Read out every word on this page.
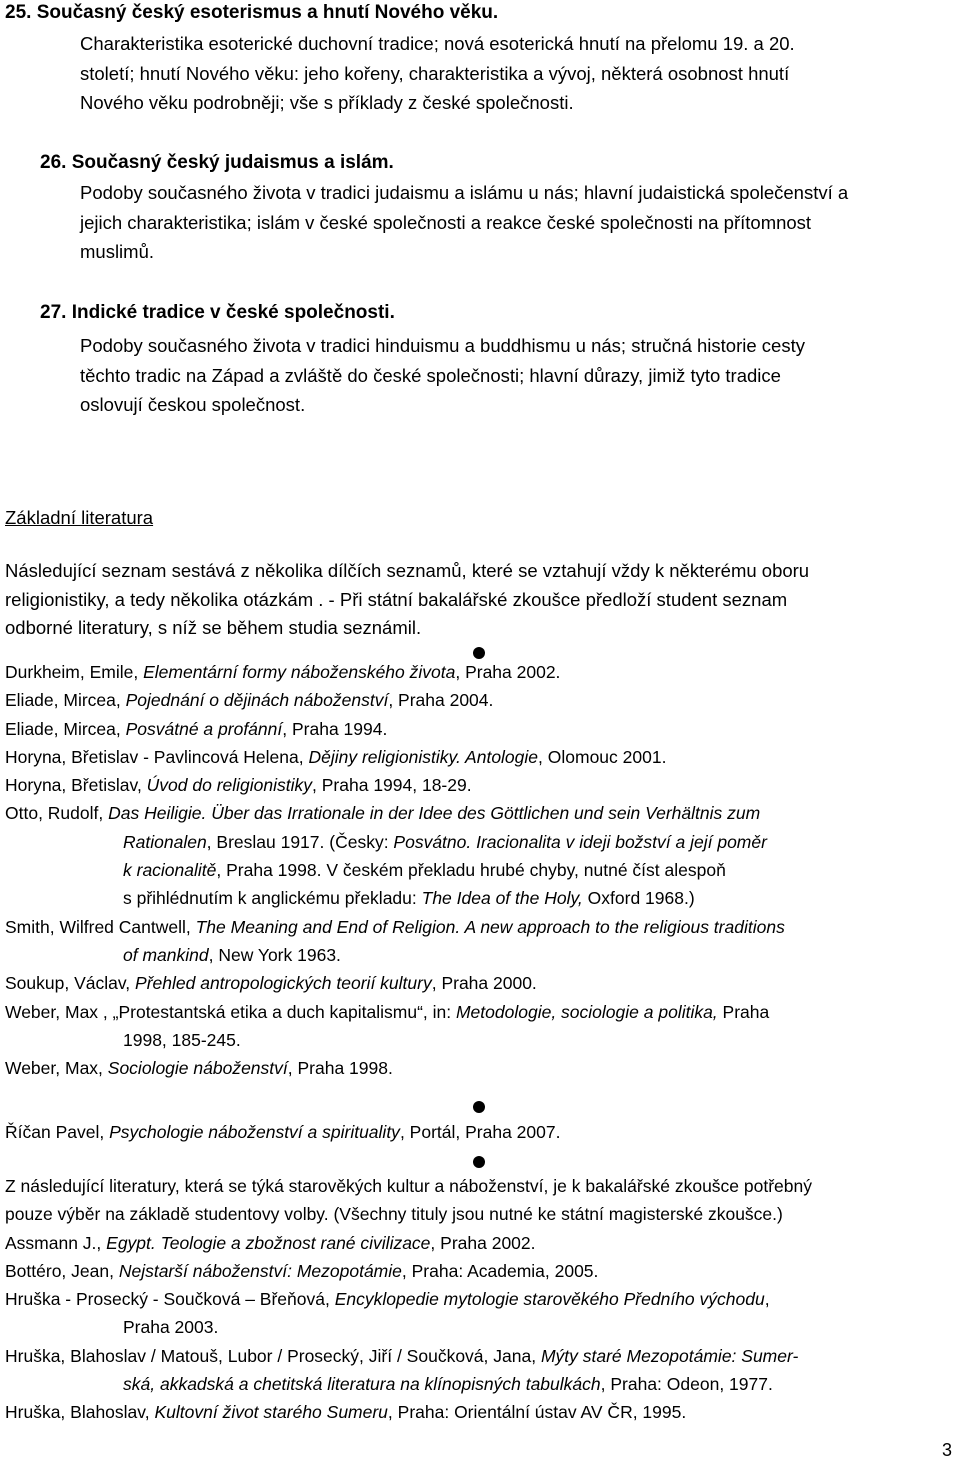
25. Současný český esoterismus a hnutí Nového věku.
Charakteristika esoterické duchovní tradice; nová esoterická hnutí na přelomu 19. a 20.
století; hnutí Nového věku: jeho kořeny, charakteristika a vývoj, některá osobnost hnutí
Nového věku podrobněji; vše s příklady z české společnosti.
26. Současný český judaismus a islám.
Podoby současného života v tradici judaismu a islámu u nás; hlavní judaistická společenství a
jejich charakteristika; islám v české společnosti a reakce české společnosti na přítomnost
muslimů.
27. Indické tradice v české společnosti.
Podoby současného života v tradici hinduismu a buddhismu u nás; stručná historie cesty
těchto tradic na Západ a zvláště do české společnosti; hlavní důrazy, jimiž tyto tradice
oslovují českou společnost.
Základní literatura
Následující seznam sestává z několika dílčích seznamů, které se vztahují vždy k některému oboru
religionistiky, a tedy několika otázkám . - Při státní bakalářské zkoušce předloží student seznam
odborné literatury, s níž se během studia seznámil.
Durkheim, Emile, Elementární formy náboženského života, Praha 2002.
Eliade, Mircea, Pojednání o dějinách náboženství, Praha 2004.
Eliade, Mircea, Posvátné a profánní, Praha 1994.
Horyna, Břetislav - Pavlincová Helena, Dějiny religionistiky. Antologie, Olomouc 2001.
Horyna, Břetislav, Úvod do religionistiky, Praha 1994, 18-29.
Otto, Rudolf, Das Heiligie. Über das Irrationale in der Idee des Göttlichen und sein Verhältnis zum
Rationalen, Breslau 1917. (Česky: Posvátno. Iracionalita v ideji božství a její poměr
k racionalitě, Praha 1998. V českém překladu hrubé chyby, nutné číst alespoň
s přihlédnutím k anglickému překladu: The Idea of the Holy, Oxford 1968.)
Smith, Wilfred Cantwell, The Meaning and End of Religion. A new approach to the religious traditions
of mankind, New York 1963.
Soukup, Václav, Přehled antropologických teorií kultury, Praha 2000.
Weber, Max , „Protestantská etika a duch kapitalismu“, in: Metodologie, sociologie a politika, Praha
1998, 185-245.
Weber, Max, Sociologie náboženství, Praha 1998.
Říčan Pavel, Psychologie náboženství a spirituality, Portál, Praha 2007.
Z následující literatury, která se týká starověkých kultur a náboženství, je k bakalářské zkoušce potřebný
pouze výběr na základě studentovy volby. (Všechny tituly jsou nutné ke státní magisterské zkoušce.)
Assmann J., Egypt. Teologie a zbožnost rané civilizace, Praha 2002.
Bottéro, Jean, Nejstarší náboženství: Mezopotámie, Praha: Academia, 2005.
Hruška - Prosecký - Součková – Břeňová, Encyklopedie mytologie starověkého Předního východu,
Praha 2003.
Hruška, Blahoslav / Matouš, Lubor / Prosecký, Jiří / Součková, Jana, Mýty staré Mezopotámie: Sumer-
ská, akkadská a chetitská literatura na klínopisných tabulkách, Praha: Odeon, 1977.
Hruška, Blahoslav, Kultovní život starého Sumeru, Praha: Orientální ústav AV ČR, 1995.
3
